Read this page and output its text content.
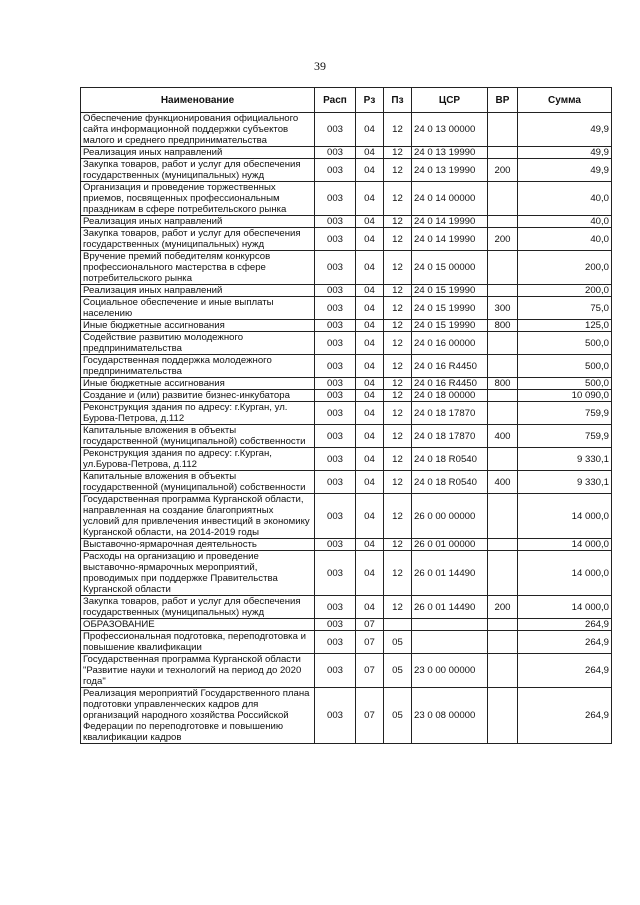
39
Наименование	Расп	Рз	Пз	ЦСР	ВР	Сумма
Обеспечение функционирования официального сайта информационной поддержки субъектов малого и среднего предпринимательства	003	04	12	24 0 13 00000		49,9
Реализация иных направлений	003	04	12	24 0 13 19990		49,9
Закупка товаров, работ и услуг для обеспечения государственных (муниципальных) нужд	003	04	12	24 0 13 19990	200	49,9
Организация и проведение торжественных приемов, посвященных профессиональным праздникам в сфере потребительского рынка	003	04	12	24 0 14 00000		40,0
Реализация иных направлений	003	04	12	24 0 14 19990		40,0
Закупка товаров, работ и услуг для обеспечения государственных (муниципальных) нужд	003	04	12	24 0 14 19990	200	40,0
Вручение премий победителям конкурсов профессионального мастерства в сфере потребительского рынка	003	04	12	24 0 15 00000		200,0
Реализация иных направлений	003	04	12	24 0 15 19990		200,0
Социальное обеспечение и иные выплаты населению	003	04	12	24 0 15 19990	300	75,0
Иные бюджетные ассигнования	003	04	12	24 0 15 19990	800	125,0
Содействие развитию молодежного предпринимательства	003	04	12	24 0 16 00000		500,0
Государственная поддержка молодежного предпринимательства	003	04	12	24 0 16 R4450		500,0
Иные бюджетные ассигнования	003	04	12	24 0 16 R4450	800	500,0
Создание и (или) развитие бизнес-инкубатора	003	04	12	24 0 18 00000		10 090,0
Реконструкция здания по адресу: г.Курган, ул. Бурова-Петрова, д.112	003	04	12	24 0 18 17870		759,9
Капитальные вложения в объекты государственной (муниципальной) собственности	003	04	12	24 0 18 17870	400	759,9
Реконструкция здания по адресу: г.Курган, ул.Бурова-Петрова, д.112	003	04	12	24 0 18 R0540		9 330,1
Капитальные вложения в объекты государственной (муниципальной) собственности	003	04	12	24 0 18 R0540	400	9 330,1
Государственная программа Курганской области, направленная на создание благоприятных условий для привлечения инвестиций в экономику Курганской области, на 2014-2019 годы	003	04	12	26 0 00 00000		14 000,0
Выставочно-ярмарочная деятельность	003	04	12	26 0 01 00000		14 000,0
Расходы на организацию и проведение выставочно-ярмарочных мероприятий, проводимых при поддержке Правительства Курганской области	003	04	12	26 0 01 14490		14 000,0
Закупка товаров, работ и услуг для обеспечения государственных (муниципальных) нужд	003	04	12	26 0 01 14490	200	14 000,0
ОБРАЗОВАНИЕ	003	07				264,9
Профессиональная подготовка, переподготовка и повышение квалификации	003	07	05			264,9
Государственная программа Курганской области "Развитие науки и технологий на период до 2020 года"	003	07	05	23 0 00 00000		264,9
Реализация мероприятий Государственного плана подготовки управленческих кадров для организаций народного хозяйства Российской Федерации по переподготовке и повышению квалификации кадров	003	07	05	23 0 08 00000		264,9
